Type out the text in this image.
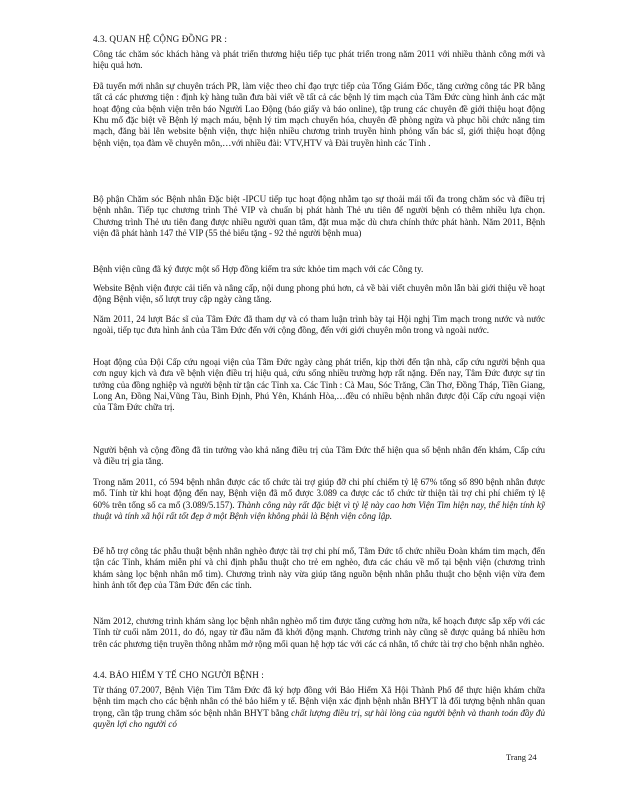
4.3. QUAN HỆ CỘNG ĐỒNG PR :

Công tác chăm sóc khách hàng và phát triển thương hiệu tiếp tục phát triển trong năm 2011 với nhiều thành công mới và hiệu quả hơn.

Đã tuyển mới nhân sự chuyên trách PR, làm việc theo chỉ đạo trực tiếp của Tổng Giám Đốc, tăng cường công tác PR bằng tất cả các phương tiện : định kỳ hàng tuần đưa bài viết về tất cả các bệnh lý tim mạch của Tâm Đức cùng hình ảnh các mặt hoạt động của bệnh viện trên báo Người Lao Động (báo giấy và báo online), tập trung các chuyên đề giới thiệu hoạt động Khu mổ đặc biệt về Bệnh lý mạch máu, bệnh lý tim mạch chuyển hóa, chuyên đề phòng ngừa và phục hồi chức năng tim mạch, đăng bài lên website bệnh viện, thực hiện nhiều chương trình truyền hình phỏng vấn bác sĩ, giới thiệu hoạt động bệnh viện, tọa đàm về chuyên môn,…với nhiều đài: VTV,HTV và Đài truyền hình các Tỉnh .

Bộ phận Chăm sóc Bệnh nhân Đặc biệt -IPCU tiếp tục hoạt động nhằm tạo sự thoải mái tối đa trong chăm sóc và điều trị bệnh nhân. Tiếp tục chương trình Thẻ VIP và chuẩn bị phát hành Thẻ ưu tiên để người bệnh có thêm nhiều lựa chọn. Chương trình Thẻ ưu tiên đang được nhiều người quan tâm, đặt mua mặc dù chưa chính thức phát hành. Năm 2011, Bệnh viện đã phát hành 147 thẻ VIP (55 thẻ biếu tặng - 92 thẻ người bệnh mua)

Bệnh viện cũng đã ký được một số Hợp đồng kiểm tra sức khỏe tim mạch với các Công ty.

Website Bệnh viện được cải tiến và nâng cấp, nội dung phong phú hơn, cả về bài viết chuyên môn lẫn bài giới thiệu về hoạt động Bệnh viện, số lượt truy cập ngày càng tăng.

Năm 2011, 24 lượt Bác sĩ của Tâm Đức đã tham dự và có tham luận trình bày tại Hội nghị Tim mạch trong nước và nước ngoài, tiếp tục đưa hình ảnh của Tâm Đức đến với cộng đồng, đến với giới chuyên môn trong và ngoài nước.

Hoạt động của Đội Cấp cứu ngoại viện của Tâm Đức ngày càng phát triển, kịp thời đến tận nhà, cấp cứu người bệnh qua cơn nguy kịch và đưa về bệnh viện điều trị hiệu quả, cứu sống nhiều trường hợp rất nặng. Đến nay, Tâm Đức được sự tin tưởng của đồng nghiệp và người bệnh từ tận các Tỉnh xa. Các Tỉnh : Cà Mau, Sóc Trăng, Cần Thơ, Đồng Tháp, Tiền Giang, Long An, Đồng Nai,Vũng Tàu, Bình Định, Phú Yên, Khánh Hòa,…đều có nhiều bệnh nhân được đội Cấp cứu ngoại viện của Tâm Đức chữa trị.

Người bệnh và cộng đồng đã tin tưởng vào khả năng điều trị của Tâm Đức thể hiện qua số bệnh nhân đến khám, Cấp cứu và điều trị gia tăng.

Trong năm 2011, có 594 bệnh nhân được các tổ chức tài trợ giúp đỡ chi phí chiếm tỷ lệ 67% tổng số 890 bệnh nhân được mổ. Tính từ khi hoạt động đến nay, Bệnh viện đã mổ được 3.089 ca được các tổ chức từ thiện tài trợ chi phí chiếm tỷ lệ 60% trên tổng số ca mổ (3.089/5.157). Thành công này rất đặc biệt vì tỷ lệ này cao hơn Viện Tim hiện nay, thể hiện tính kỹ thuật và tính xã hội rất tốt đẹp ở một Bệnh viện không phải là Bệnh viện công lập.

Để hỗ trợ công tác phẫu thuật bệnh nhân nghèo được tài trợ chi phí mổ, Tâm Đức tổ chức nhiều Đoàn khám tim mạch, đến tận các Tỉnh, khám miễn phí và chỉ định phẫu thuật cho trẻ em nghèo, đưa các cháu về mổ tại bệnh viện (chương trình khám sàng lọc bệnh nhân mổ tim). Chương trình này vừa giúp tăng nguồn bệnh nhân phẫu thuật cho bệnh viện vừa đem hình ảnh tốt đẹp của Tâm Đức đến các tỉnh.

Năm 2012, chương trình khám sàng lọc bệnh nhân nghèo mổ tim được tăng cường hơn nữa, kế hoạch được sắp xếp với các Tỉnh từ cuối năm 2011, do đó, ngay từ đầu năm đã khởi động mạnh. Chương trình này cũng sẽ được quảng bá nhiều hơn trên các phương tiện truyền thông nhằm mở rộng mối quan hệ hợp tác với các cá nhân, tổ chức tài trợ cho bệnh nhân nghèo.

4.4. BẢO HIỂM Y TẾ CHO NGƯỜI BỆNH :

Từ tháng 07.2007, Bệnh Viện Tim Tâm Đức đã ký hợp đồng với Bảo Hiểm Xã Hội Thành Phố để thực hiện khám chữa bệnh tim mạch cho các bệnh nhân có thẻ bảo hiểm y tế. Bệnh viện xác định bệnh nhân BHYT là đối tượng bệnh nhân quan trọng, cần tập trung chăm sóc bệnh nhân BHYT bằng chất lượng điều trị, sự hài lòng của người bệnh và thanh toán đầy đủ quyền lợi cho người có

Trang 24
